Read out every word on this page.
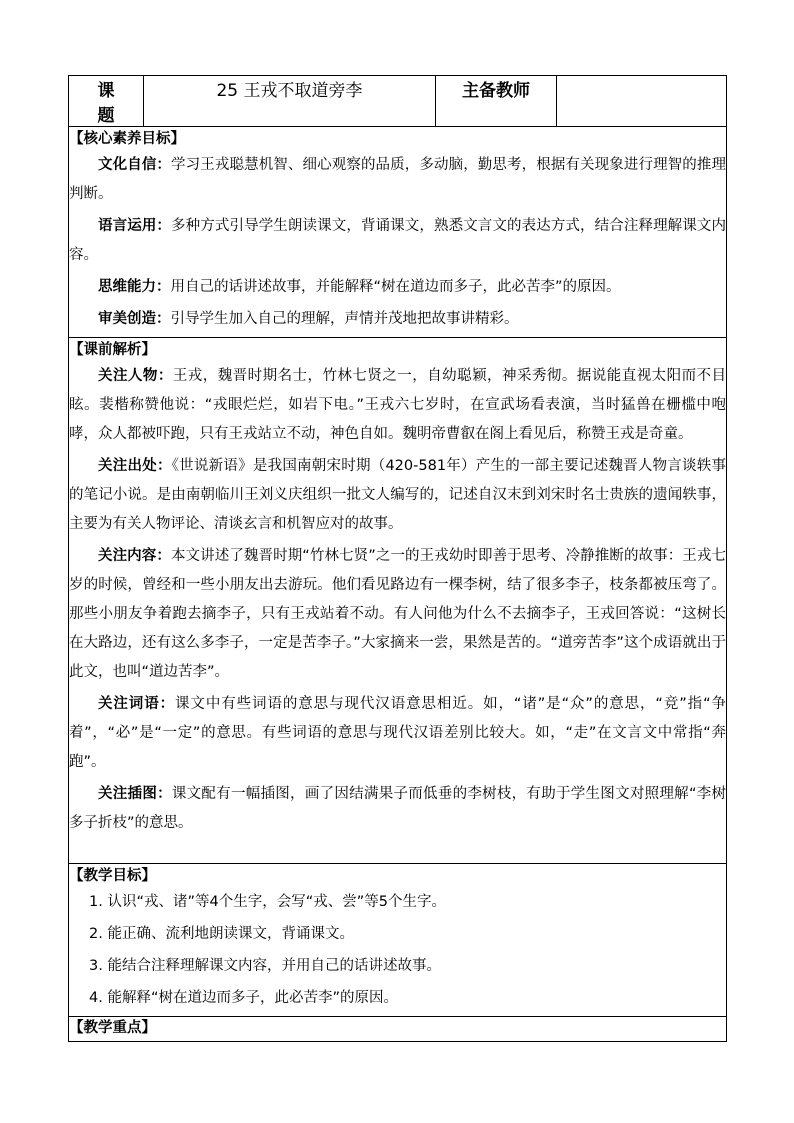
课 题	25 王戎不取道旁李	主备教师	

【核心素养目标】

文化自信：学习王戎聪慧机智、细心观察的品质，多动脑，勤思考，根据有关现象进行理智的推理判断。

语言运用：多种方式引导学生朗读课文，背诵课文，熟悉文言文的表达方式，结合注释理解课文内容。

思维能力：用自己的话讲述故事，并能解释“树在道边而多子，此必苦李”的原因。

审美创造：引导学生加入自己的理解，声情并茂地把故事讲精彩。

【课前解析】

关注人物：王戎，魏晋时期名士，竹林七贤之一，自幼聪颖，神采秀彻。据说能直视太阳而不目眩。裴楷称赞他说：“戎眼烂烂，如岩下电。”王戎六七岁时，在宣武场看表演，当时猛兽在栅槛中咆哮，众人都被吓跑，只有王戎站立不动，神色自如。魏明帝曹叡在阁上看见后，称赞王戎是奇童。

关注出处：《世说新语》是我国南朝宋时期（420-581年）产生的一部主要记述魏晋人物言谈轶事的笔记小说。是由南朝临川王刘义庆组织一批文人编写的，记述自汉末到刘宋时名士贵族的遗闻轶事，主要为有关人物评论、清谈玄言和机智应对的故事。

关注内容：本文讲述了魏晋时期“竹林七贤”之一的王戎幼时即善于思考、冷静推断的故事：王戎七岁的时候，曾经和一些小朋友出去游玩。他们看见路边有一棵李树，结了很多李子，枝条都被压弯了。那些小朋友争着跑去摘李子，只有王戎站着不动。有人问他为什么不去摘李子，王戎回答说：“这树长在大路边，还有这么多李子，一定是苦李子。”大家摘来一尝，果然是苦的。“道旁苦李”这个成语就出于此文，也叫“道边苦李”。

关注词语：课文中有些词语的意思与现代汉语意思相近。如，“诸”是“众”的意思，“竞”指“争着”，“必”是“一定”的意思。有些词语的意思与现代汉语差别比较大。如，“走”在文言文中常指“奔跑”。

关注插图：课文配有一幅插图，画了因结满果子而低垂的李树枝，有助于学生图文对照理解“李树多子折枝”的意思。

【教学目标】

1. 认识“戎、诸”等4个生字，会写“戎、尝”等5个生字。

2. 能正确、流利地朗读课文，背诵课文。

3. 能结合注释理解课文内容，并用自己的话讲述故事。

4. 能解释“树在道边而多子，此必苦李”的原因。

【教学重点】
